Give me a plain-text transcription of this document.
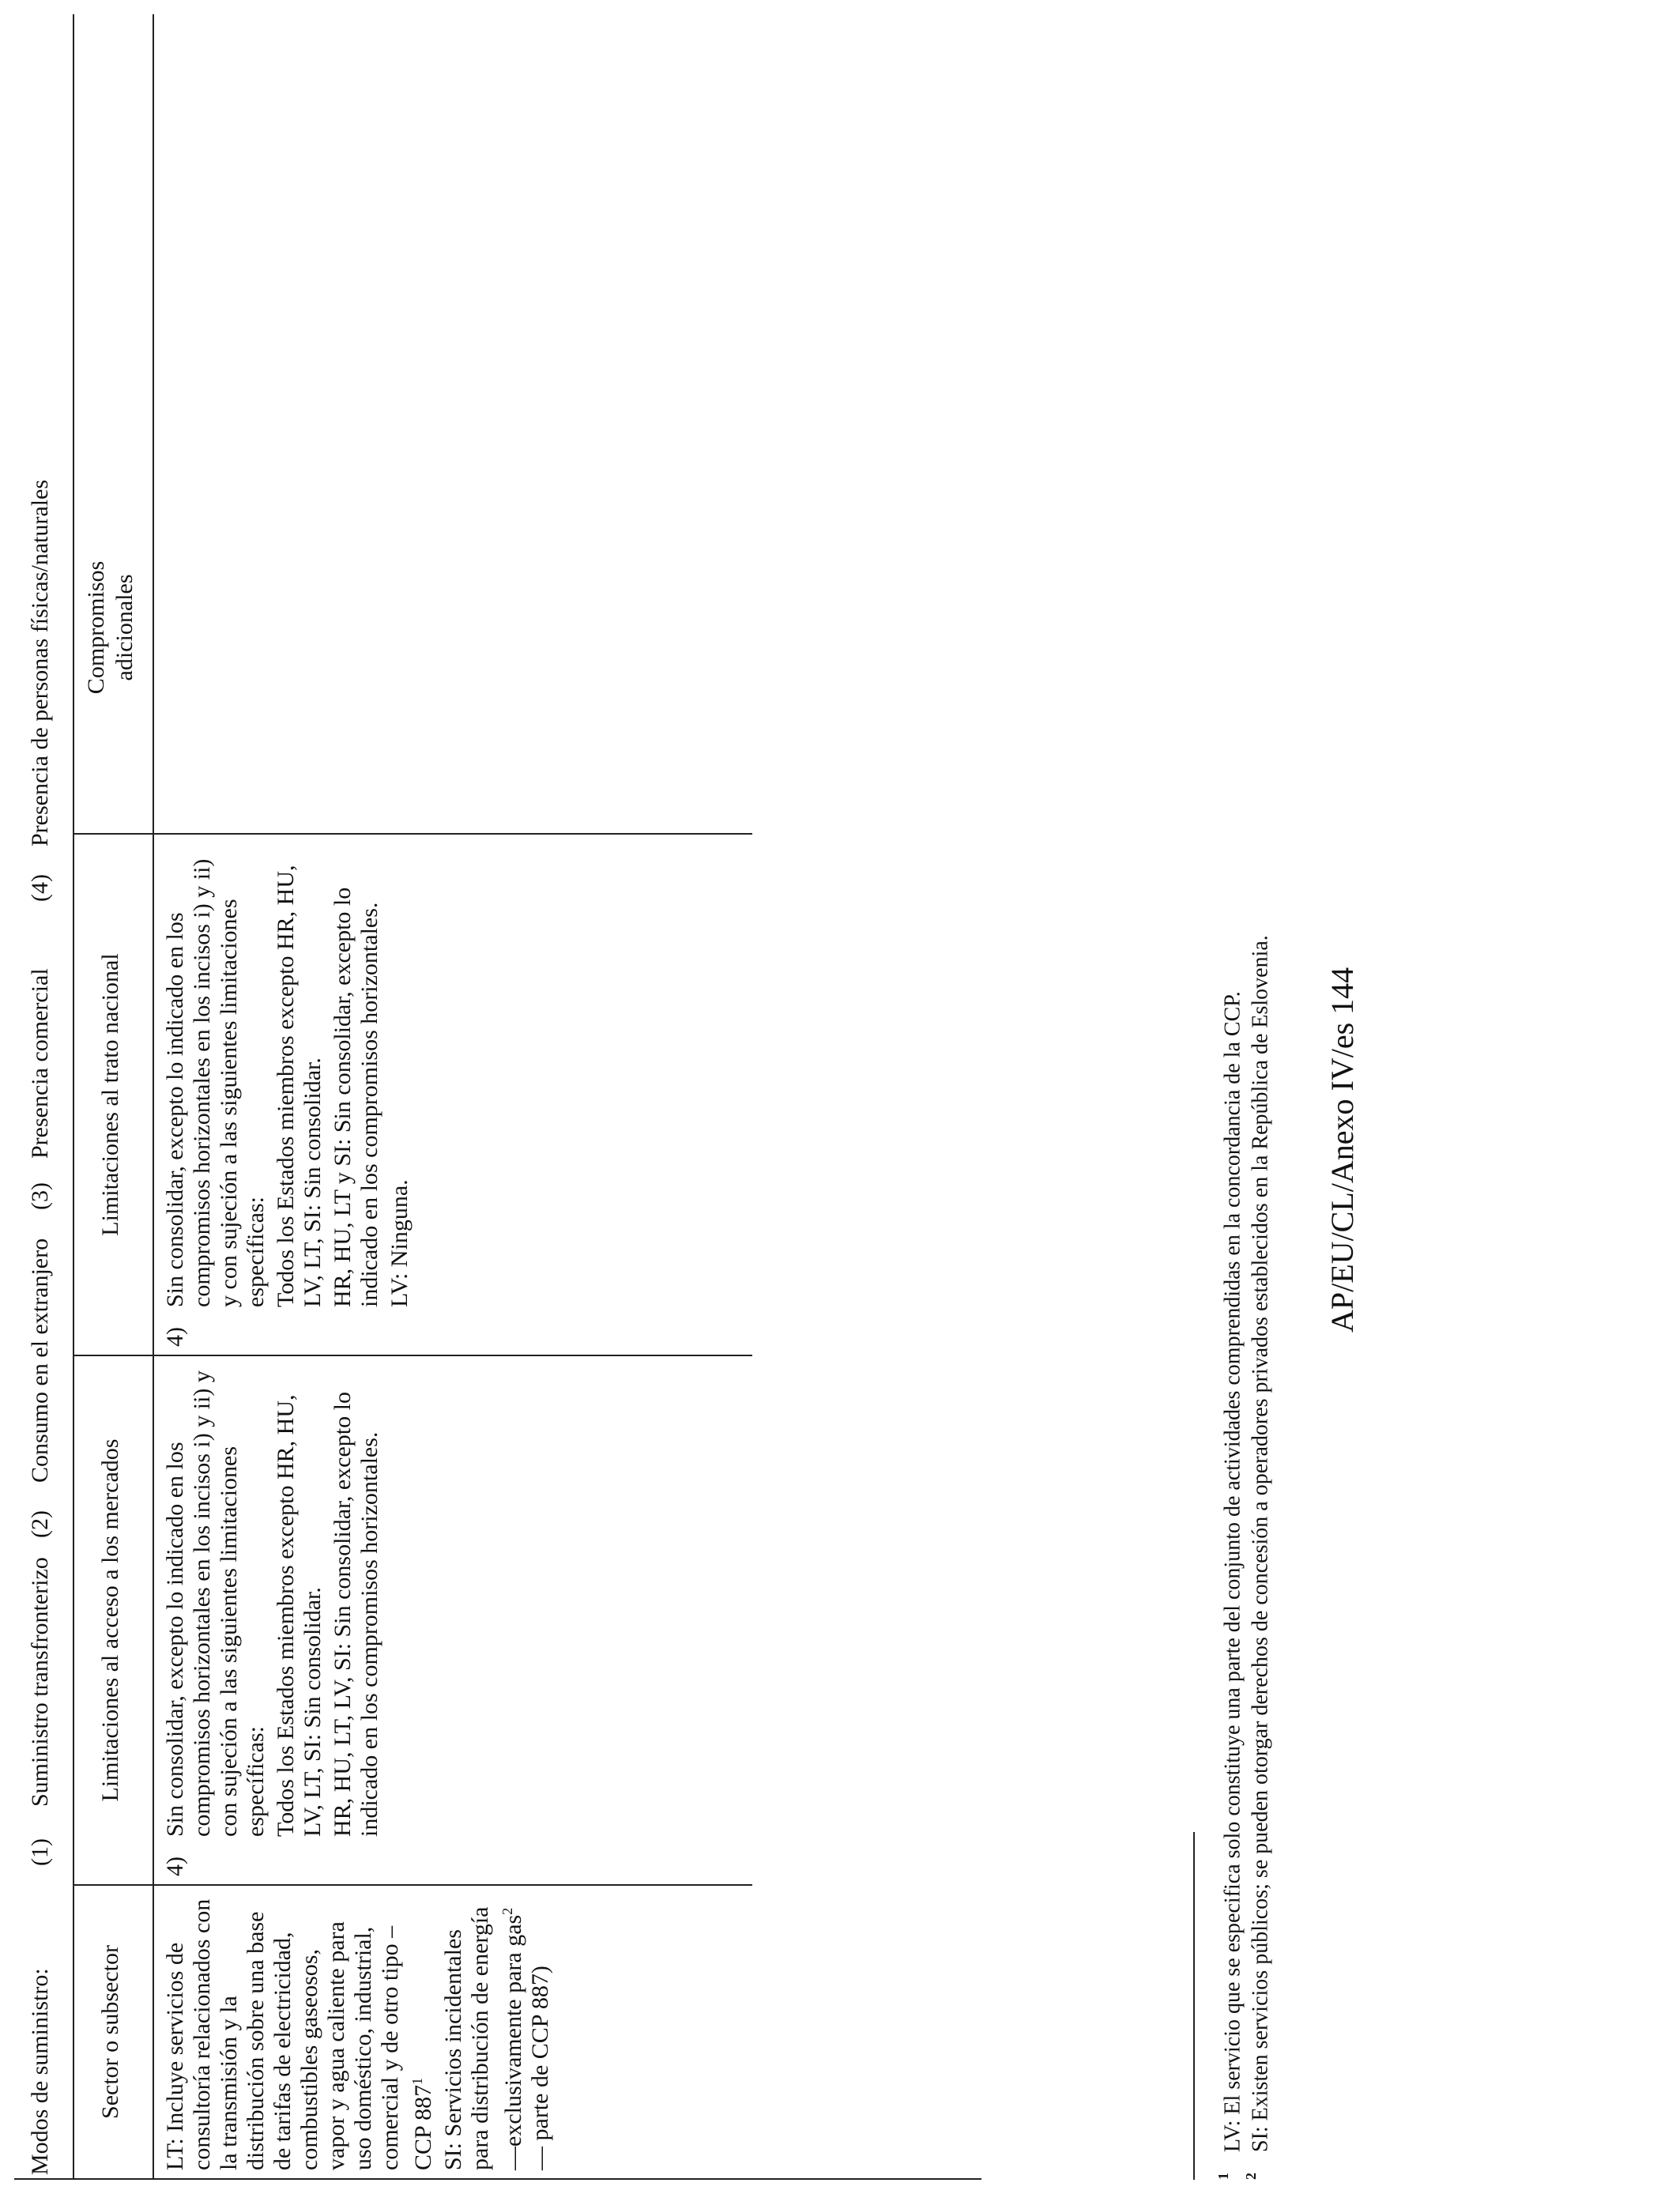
Modos de suministro:
(1)
Suministro transfronterizo
(2)
Consumo en el extranjero
(3)
Presencia comercial
(4)
Presencia de personas físicas/naturales
Sector o subsector
Limitaciones al acceso a los mercados
Limitaciones al trato nacional
Compromisos adicionales

LT: Incluye servicios de consultoría relacionados con la transmisión y la distribución sobre una base de tarifas de electricidad, combustibles gaseosos, vapor y agua caliente para uso doméstico, industrial, comercial y de otro tipo – CCP $887^1$ SI: Servicios incidentales para distribución de energía —exclusivamente para gas$^2$— parte de CCP 887)

4)

Sin consolidar, excepto lo indicado en los compromisos horizontales en los incisos i) y ii) y con sujeción a las siguientes limitaciones específicas: Todos los Estados miembros excepto HR, HU, LV, LT, SI: Sin consolidar. HR, HU, LT, LV, SI: Sin consolidar, excepto lo indicado en los compromisos horizontales.

4)

Sin consolidar, excepto lo indicado en los compromisos horizontales en los incisos i) y ii) y con sujeción a las siguientes limitaciones específicas: Todos los Estados miembros excepto HR, HU, LV, LT, SI: Sin consolidar. HR, HU, LT y SI: Sin consolidar, excepto lo indicado en los compromisos horizontales. LV: Ninguna.

$^1$LV: El servicio que se especifica solo constituye una parte del conjunto de actividades comprendidas en la concordancia de la CCP.
$^2$SI: Existen servicios públicos; se pueden otorgar derechos de concesión a operadores privados establecidos en la República de Eslovenia. AP/EU/CL/Anexo IV/es 144
